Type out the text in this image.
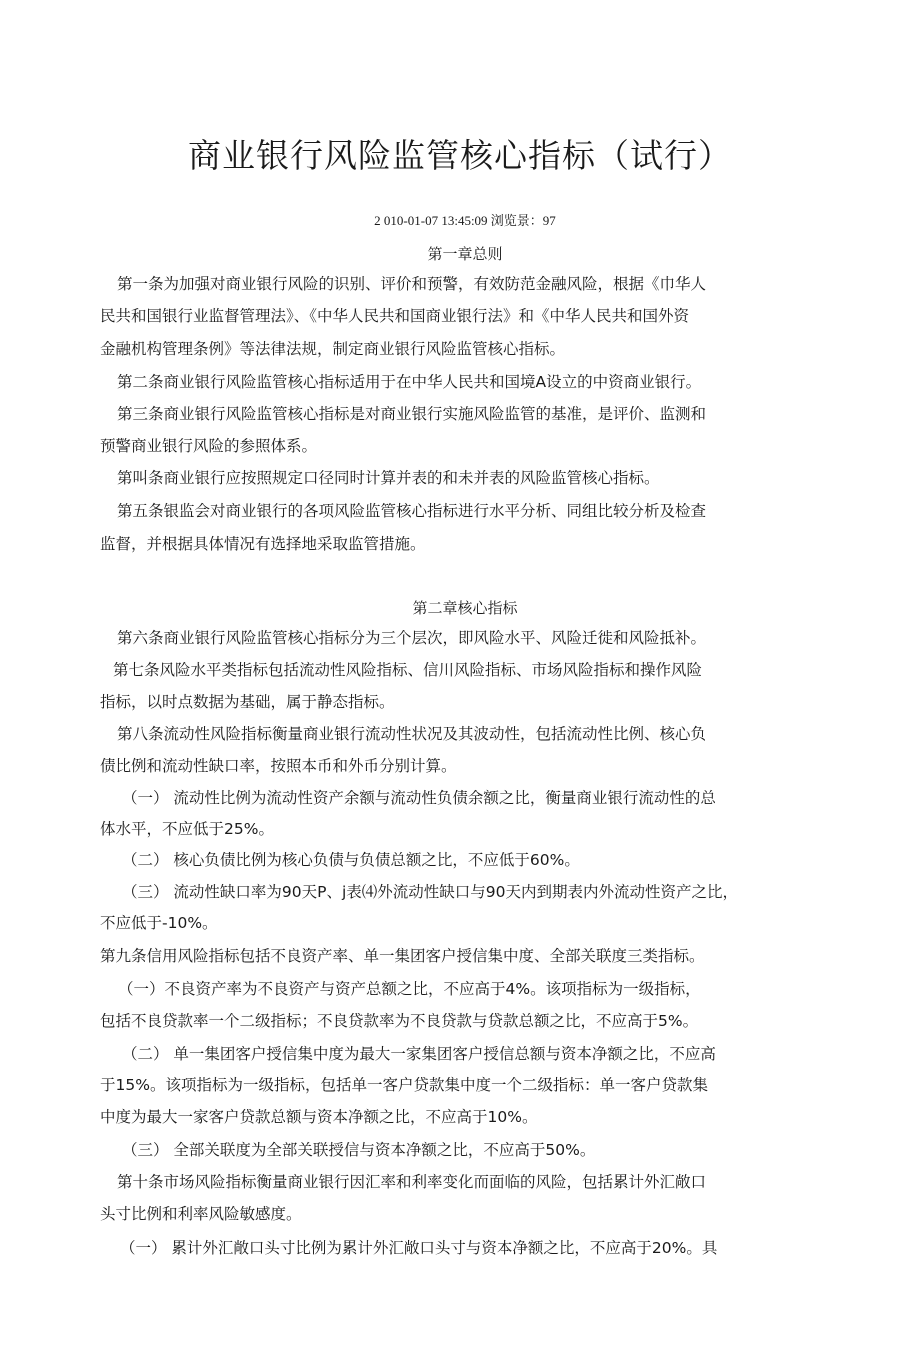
商业银行风险监管核心指标（试行）
2 010-01-07 13:45:09 浏览景：97
第一章总则
第一条为加强对商业银行风险的识别、评价和预警，有效防范金融风险，根据《巾华人
民共和国银行业监督管理法》、《中华人民共和国商业银行法》和《中华人民共和国外资
金融机构管理条例》等法律法规，制定商业银行风险监管核心指标。
第二条商业银行风险监管核心指标适用于在中华人民共和国境A设立的中资商业银行。
第三条商业银行风险监管核心指标是对商业银行实施风险监管的基准，是评价、监测和
预警商业银行风险的参照体系。
第叫条商业银行应按照规定口径同时计算并表的和未并表的风险监管核心指标。
第五条银监会对商业银行的各项风险监管核心指标进行水平分析、同组比较分析及检查
监督，并根据具体情况有选择地采取监管措施。
第二章核心指标
第六条商业银行风险监管核心指标分为三个层次，即风险水平、风险迁徙和风险抵补。
第七条风险水平类指标包括流动性风险指标、信川风险指标、市场风险指标和操作风险
指标，以时点数据为基础，属于静态指标。
第八条流动性风险指标衡量商业银行流动性状况及其波动性，包括流动性比例、核心负
债比例和流动性缺口率，按照本币和外币分别计算。
（一） 流动性比例为流动性资产余额与流动性负债余额之比，衡量商业银行流动性的总
体水平，不应低于25%。
（二） 核心负债比例为核心负债与负债总额之比，不应低于60%。
（三） 流动性缺口率为90天P、j表⑷外流动性缺口与90天内到期表内外流动性资产之比，
不应低于-10%。
第九条信用风险指标包括不良资产率、单一集团客户授信集中度、全部关联度三类指标。
（一）不良资产率为不良资产与资产总额之比，不应高于4%。该项指标为一级指标，
包括不良贷款率一个二级指标；不良贷款率为不良贷款与贷款总额之比，不应高于5%。
（二） 单一集团客户授信集中度为最大一家集团客户授信总额与资本净额之比，不应高
于15%。该项指标为一级指标，包括单一客户贷款集中度一个二级指标：单一客户贷款集
中度为最大一家客户贷款总额与资本净额之比，不应高于10%。
（三） 全部关联度为全部关联授信与资本净额之比，不应高于50%。
第十条市场风险指标衡量商业银行因汇率和利率变化而面临的风险，包括累计外汇敞口
头寸比例和利率风险敏感度。
（一） 累计外汇敞口头寸比例为累计外汇敞口头寸与资本净额之比，不应高于20%。具
